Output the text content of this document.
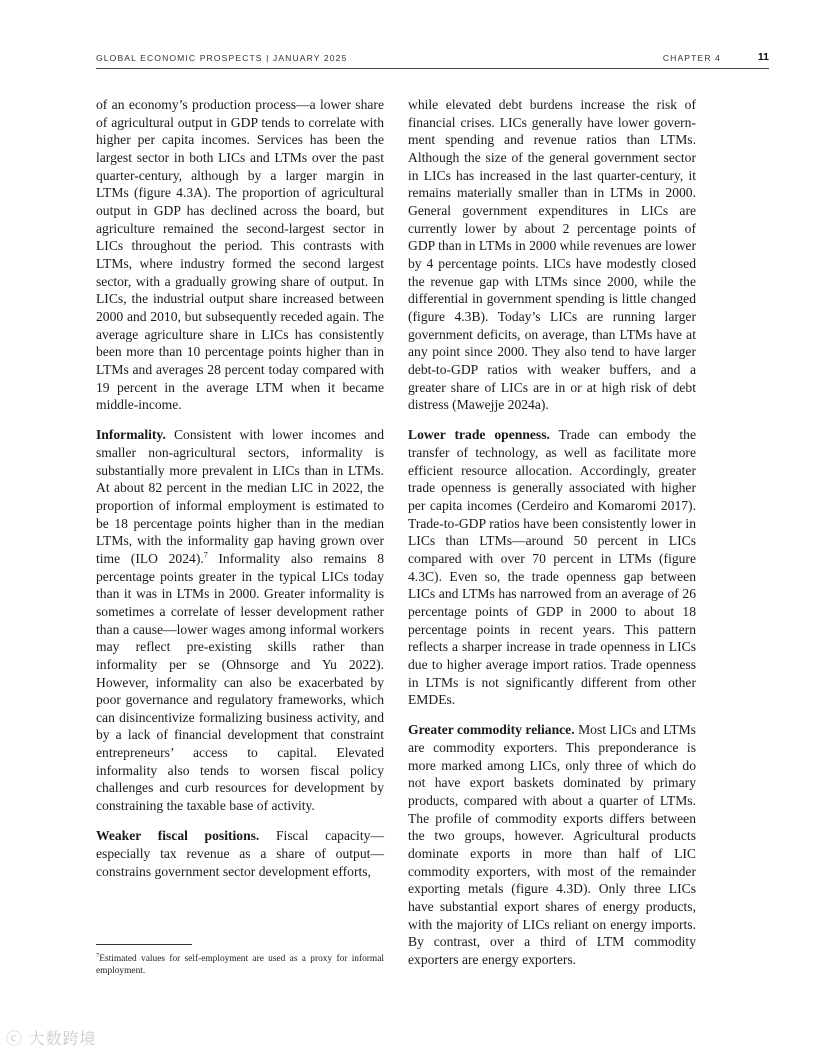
GLOBAL ECONOMIC PROSPECTS | JANUARY 2025	CHAPTER 4	11

of an economy’s production process—a lower share of agricultural output in GDP tends to correlate with higher per capita incomes. Services has been the largest sector in both LICs and LTMs over the past quarter-century, although by a larger margin in LTMs (figure 4.3A). The proportion of agricultural output in GDP has declined across the board, but agriculture remained the second-largest sector in LICs throughout the period. This contrasts with LTMs, where industry formed the second largest sector, with a gradually growing share of output. In LICs, the industrial output share increased between 2000 and 2010, but subsequently receded again. The average agriculture share in LICs has consistently been more than 10 percentage points higher than in LTMs and averages 28 percent today compared with 19 percent in the average LTM when it became middle-income.

Informality. Consistent with lower incomes and smaller non-agricultural sectors, informality is substantially more prevalent in LICs than in LTMs. At about 82 percent in the median LIC in 2022, the proportion of informal employment is estimated to be 18 percentage points higher than in the median LTMs, with the informality gap having grown over time (ILO 2024).$^7$ Informality also remains 8 percentage points greater in the typical LICs today than it was in LTMs in 2000. Greater informality is sometimes a correlate of lesser development rather than a cause—lower wages among informal workers may reflect pre-existing skills rather than informality per se (Ohnsorge and Yu 2022). However, informality can also be exacerbated by poor governance and regulatory frameworks, which can disincentivize formalizing business activity, and by a lack of financial development that constraint entrepreneurs’ access to capital. Elevated informality also tends to worsen fiscal policy challenges and curb resources for development by constraining the taxable base of activity.

Weaker fiscal positions. Fiscal capacity—especially tax revenue as a share of output—constrains government sector development efforts,

while elevated debt burdens increase the risk of financial crises. LICs generally have lower government spending and revenue ratios than LTMs. Although the size of the general government sector in LICs has increased in the last quarter-century, it remains materially smaller than in LTMs in 2000. General government expenditures in LICs are currently lower by about 2 percentage points of GDP than in LTMs in 2000 while revenues are lower by 4 percentage points. LICs have modestly closed the revenue gap with LTMs since 2000, while the differential in government spending is little changed (figure 4.3B). Today’s LICs are running larger government deficits, on average, than LTMs have at any point since 2000. They also tend to have larger debt-to-GDP ratios with weaker buffers, and a greater share of LICs are in or at high risk of debt distress (Mawejje 2024a).

Lower trade openness. Trade can embody the transfer of technology, as well as facilitate more efficient resource allocation. Accordingly, greater trade openness is generally associated with higher per capita incomes (Cerdeiro and Komaromi 2017). Trade-to-GDP ratios have been consistently lower in LICs than LTMs—around 50 percent in LICs compared with over 70 percent in LTMs (figure 4.3C). Even so, the trade openness gap between LICs and LTMs has narrowed from an average of 26 percentage points of GDP in 2000 to about 18 percentage points in recent years. This pattern reflects a sharper increase in trade openness in LICs due to higher average import ratios. Trade openness in LTMs is not significantly different from other EMDEs.

Greater commodity reliance. Most LICs and LTMs are commodity exporters. This preponderance is more marked among LICs, only three of which do not have export baskets dominated by primary products, compared with about a quarter of LTMs. The profile of commodity exports differs between the two groups, however. Agricultural products dominate exports in more than half of LIC commodity exporters, with most of the remainder exporting metals (figure 4.3D). Only three LICs have substantial export shares of energy products, with the majority of LICs reliant on energy imports. By contrast, over a third of LTM commodity exporters are energy exporters.

$^7$Estimated values for self-employment are used as a proxy for informal employment.
ⓒ 大数跨境
